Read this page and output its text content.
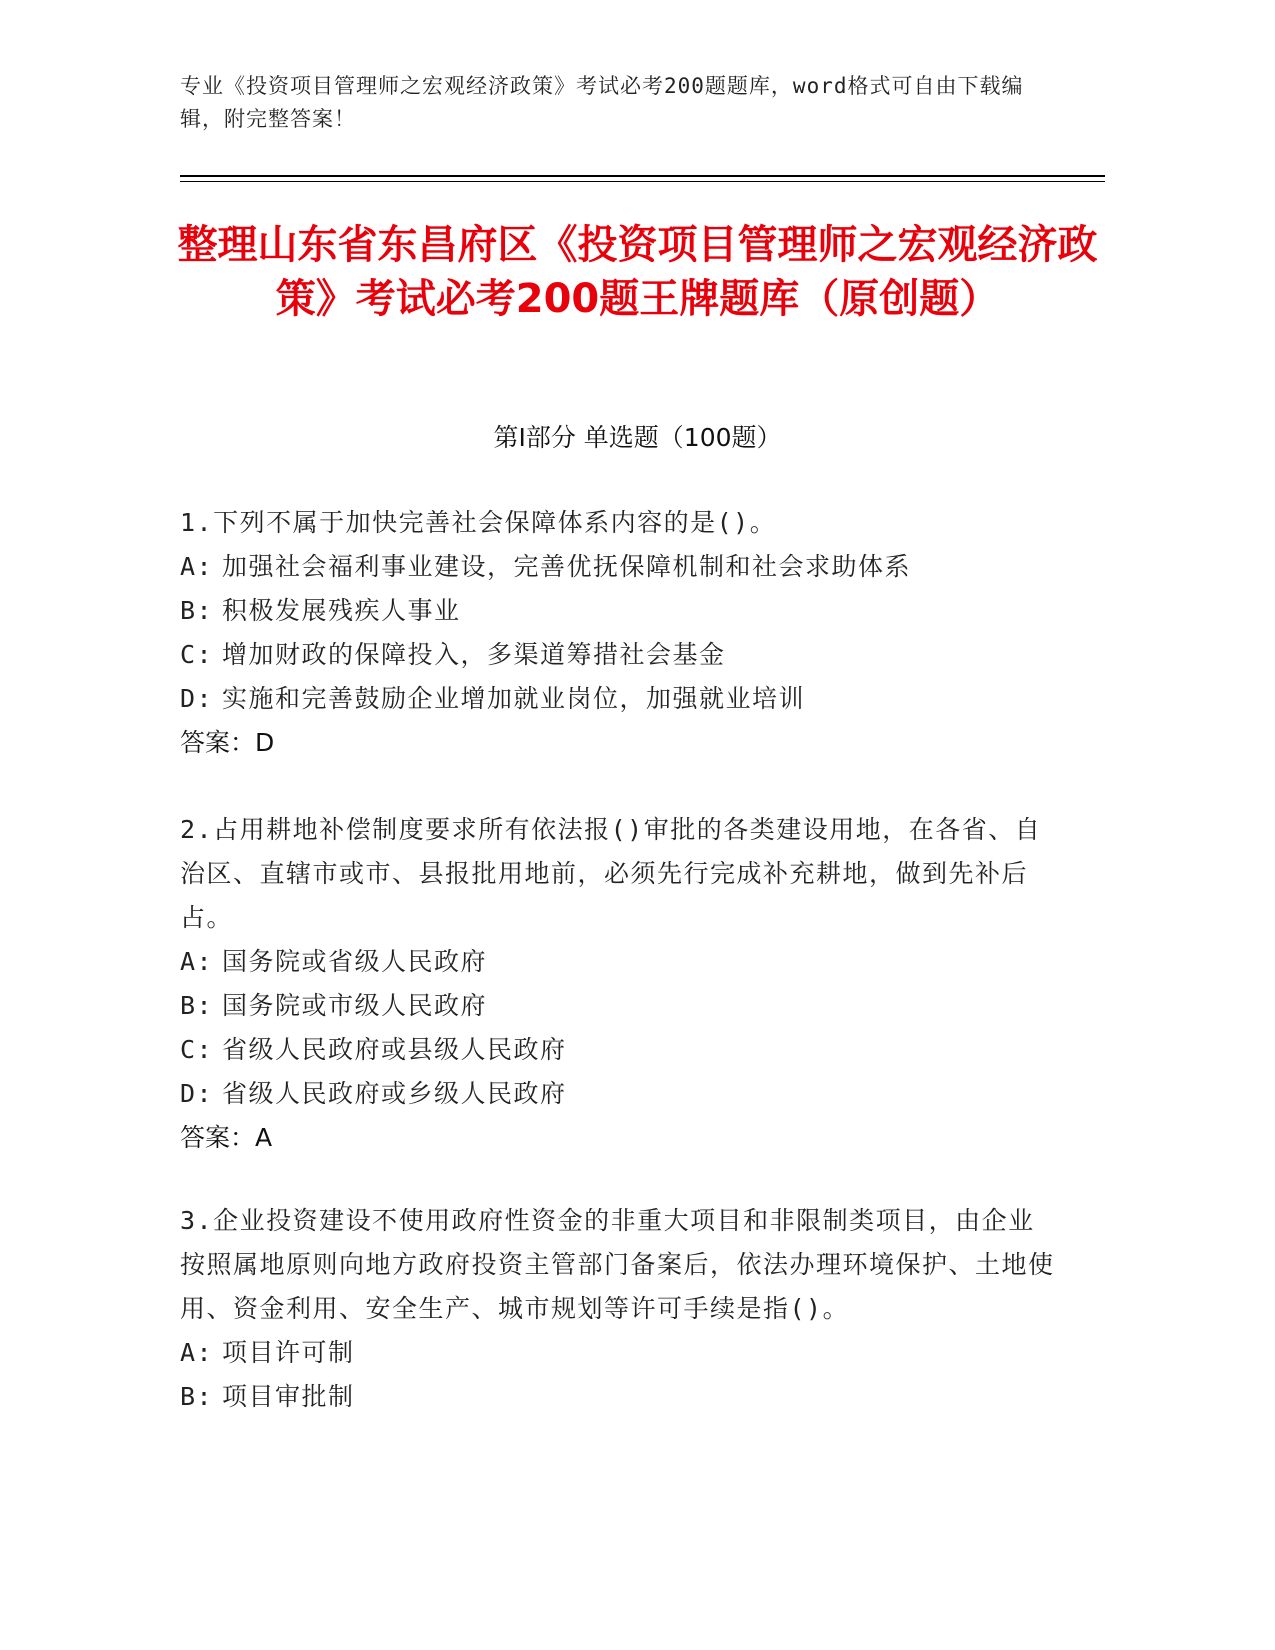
专业《投资项目管理师之宏观经济政策》考试必考200题题库，word格式可自由下载编辑，附完整答案！
整理山东省东昌府区《投资项目管理师之宏观经济政策》考试必考200题王牌题库（原创题）
第Ⅰ部分 单选题（100题）
1.下列不属于加快完善社会保障体系内容的是()。
A: 加强社会福利事业建设，完善优抚保障机制和社会求助体系
B: 积极发展残疾人事业
C: 增加财政的保障投入，多渠道筹措社会基金
D: 实施和完善鼓励企业增加就业岗位，加强就业培训
答案：D
2.占用耕地补偿制度要求所有依法报()审批的各类建设用地，在各省、自治区、直辖市或市、县报批用地前，必须先行完成补充耕地，做到先补后占。
A: 国务院或省级人民政府
B: 国务院或市级人民政府
C: 省级人民政府或县级人民政府
D: 省级人民政府或乡级人民政府
答案：A
3.企业投资建设不使用政府性资金的非重大项目和非限制类项目，由企业按照属地原则向地方政府投资主管部门备案后，依法办理环境保护、土地使用、资金利用、安全生产、城市规划等许可手续是指()。
A: 项目许可制
B: 项目审批制
